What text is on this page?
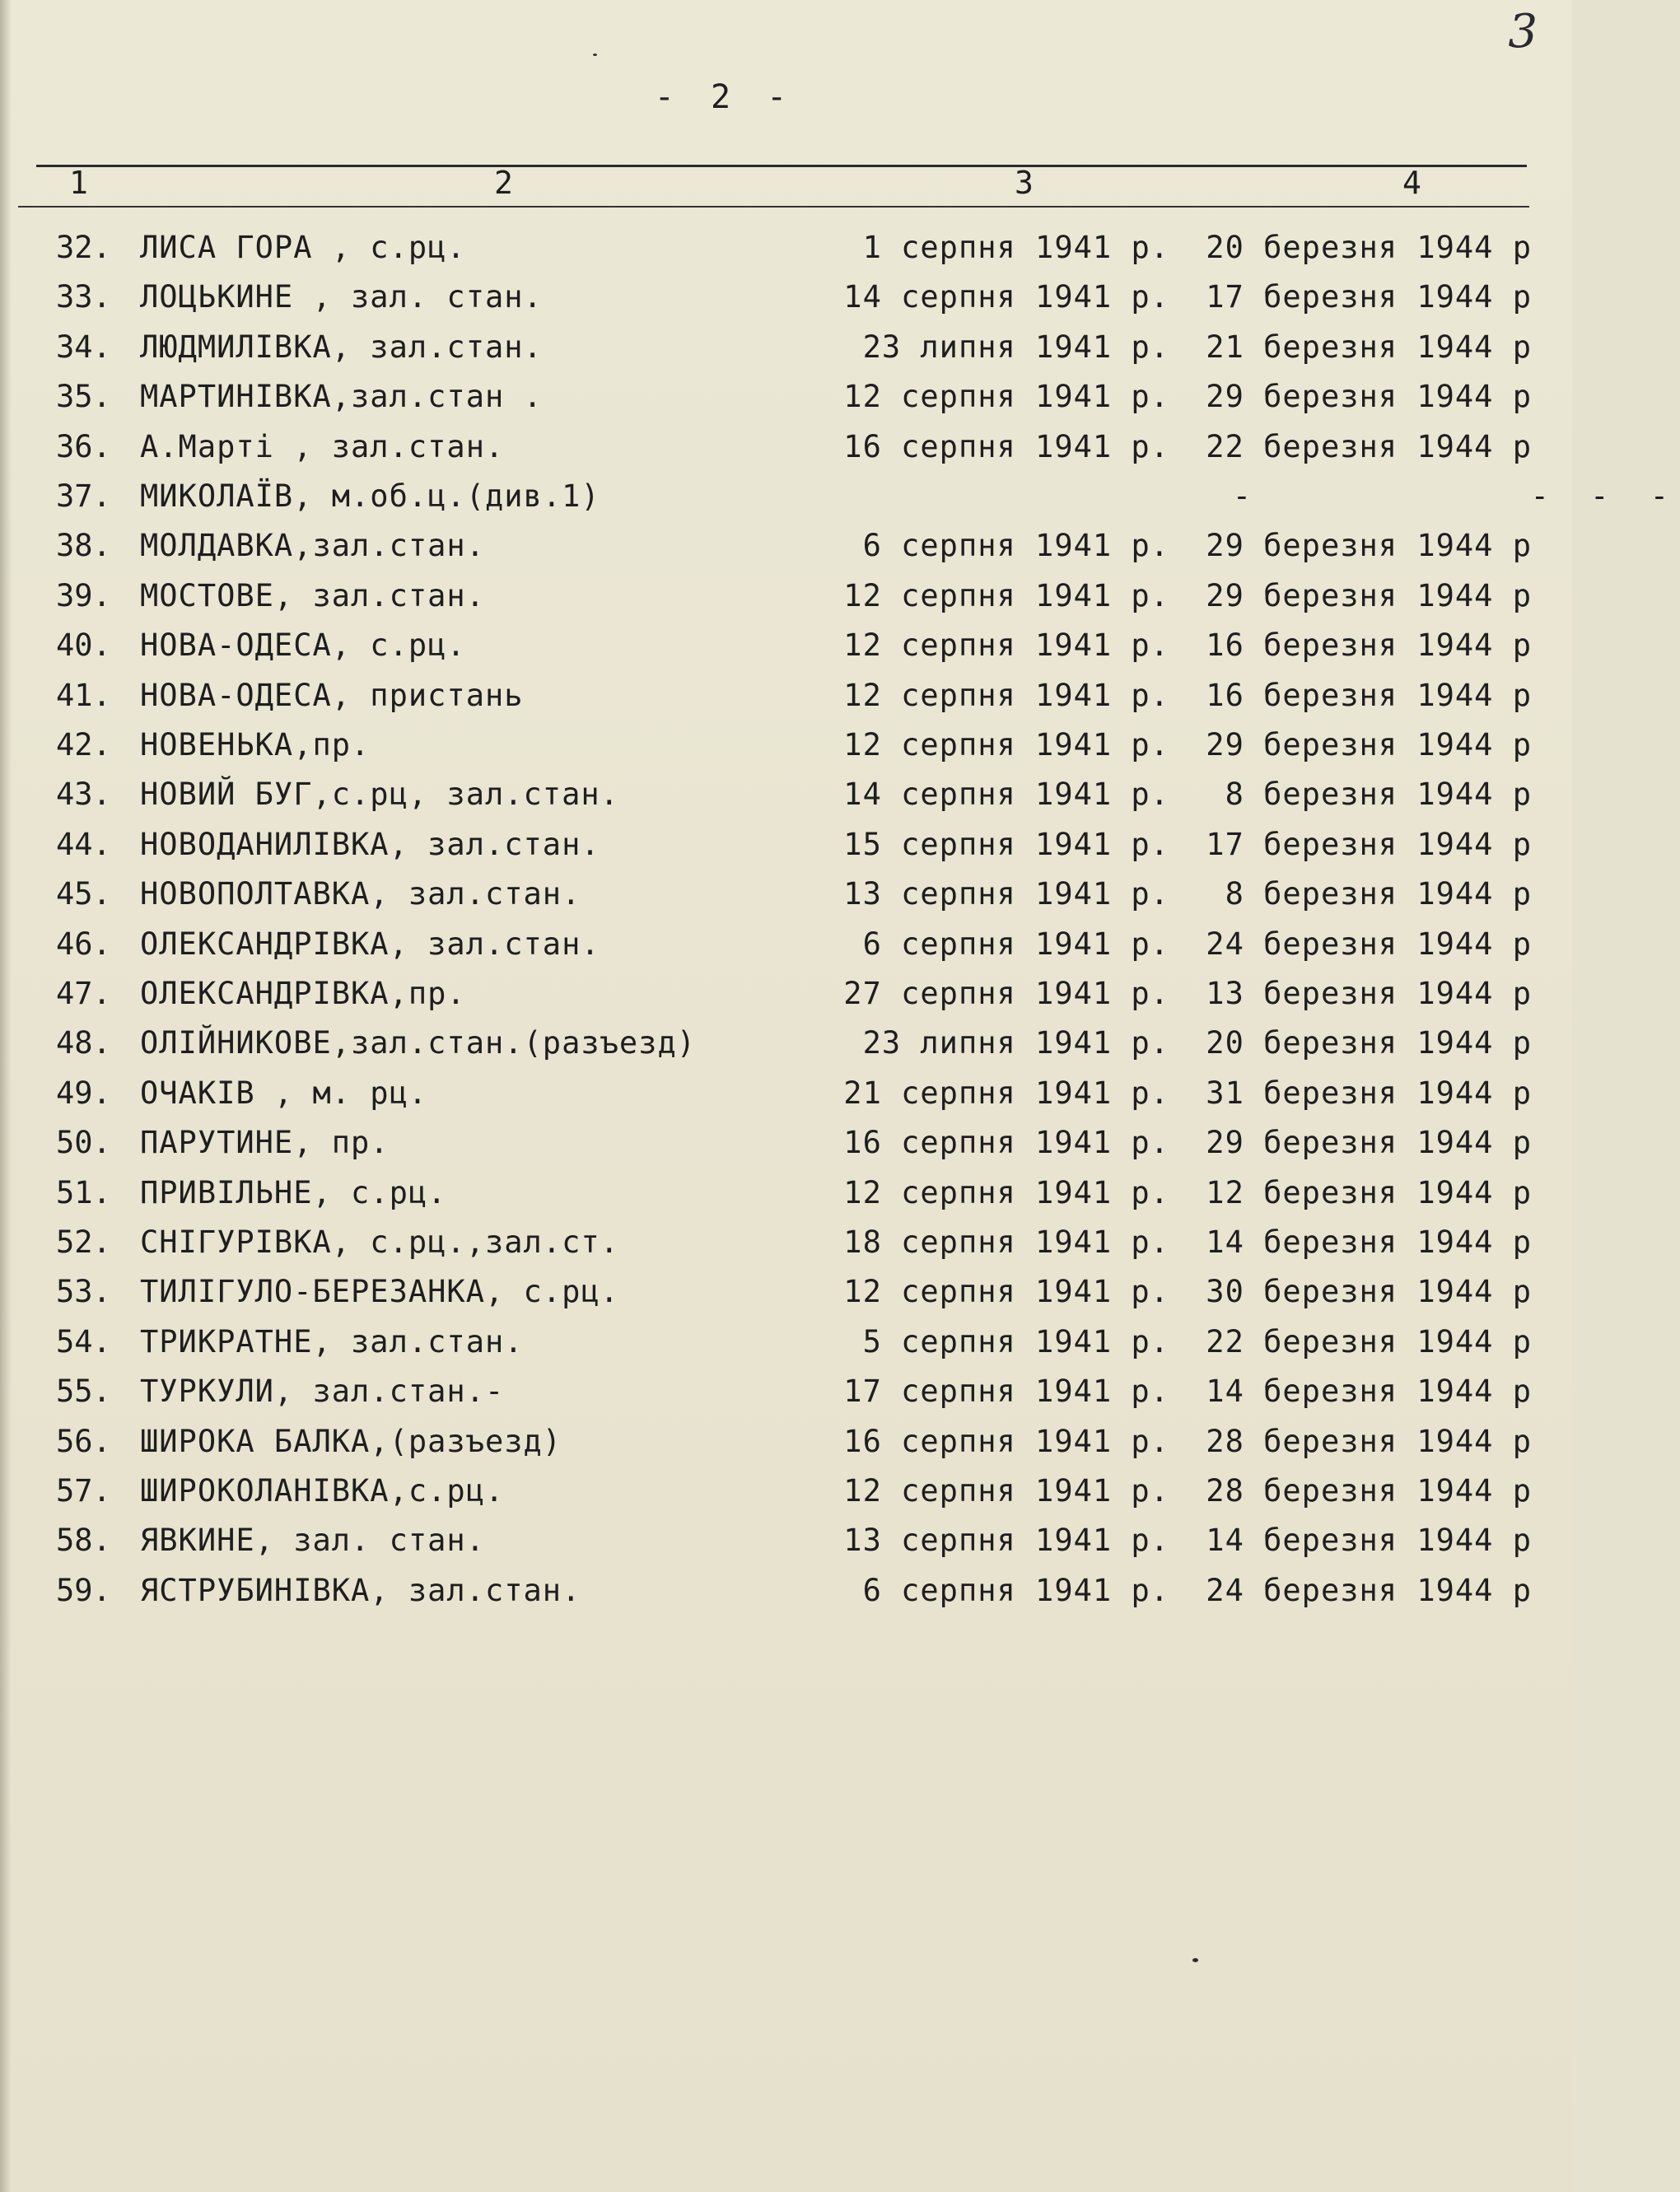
3
- 2 -
1	2	3	4
32. ЛИСА ГОРА , с.рц.	1 серпня 1941 р.	20 березня 1944 р
33. ЛОЦЬКИНЕ , зал. стан.	14 серпня 1941 р.	17 березня 1944 р
34. ЛЮДМИЛІВКА, зал.стан.	23 липня 1941 р.	21 березня 1944 р
35. МАРТИНІВКА,зал.стан .	12 серпня 1941 р.	29 березня 1944 р
36. А.Марті , зал.стан.	16 серпня 1941 р.	22 березня 1944 р
37. МИКОЛАЇВ, м.об.ц.(див.1)	-	- - -
38. МОЛДАВКА,зал.стан.	6 серпня 1941 р.	29 березня 1944 р
39. МОСТОВЕ, зал.стан.	12 серпня 1941 р.	29 березня 1944 р
40. НОВА-ОДЕСА, с.рц.	12 серпня 1941 р.	16 березня 1944 р
41. НОВА-ОДЕСА, пристань	12 серпня 1941 р.	16 березня 1944 р
42. НОВЕНЬКА,пр.	12 серпня 1941 р.	29 березня 1944 р
43. НОВИЙ БУГ,с.рц, зал.стан.	14 серпня 1941 р.	8 березня 1944 р
44. НОВОДАНИЛІВКА, зал.стан.	15 серпня 1941 р.	17 березня 1944 р
45. НОВОПОЛТАВКА, зал.стан.	13 серпня 1941 р.	8 березня 1944 р
46. ОЛЕКСАНДРІВКА, зал.стан.	6 серпня 1941 р.	24 березня 1944 р
47. ОЛЕКСАНДРІВКА,пр.	27 серпня 1941 р.	13 березня 1944 р
48. ОЛІЙНИКОВЕ,зал.стан.(разъезд)	23 липня 1941 р.	20 березня 1944 р
49. ОЧАКІВ , м. рц.	21 серпня 1941 р.	31 березня 1944 р
50. ПАРУТИНЕ, пр.	16 серпня 1941 р.	29 березня 1944 р
51. ПРИВІЛЬНЕ, с.рц.	12 серпня 1941 р.	12 березня 1944 р
52. СНІГУРІВКА, с.рц.,зал.ст.	18 серпня 1941 р.	14 березня 1944 р
53. ТИЛІГУЛО-БЕРЕЗАНКА, с.рц.	12 серпня 1941 р.	30 березня 1944 р
54. ТРИКРАТНЕ, зал.стан.	5 серпня 1941 р.	22 березня 1944 р
55. ТУРКУЛИ, зал.стан.-	17 серпня 1941 р.	14 березня 1944 р
56. ШИРОКА БАЛКА,(разъезд)	16 серпня 1941 р.	28 березня 1944 р
57. ШИРОКОЛАНІВКА,с.рц.	12 серпня 1941 р.	28 березня 1944 р
58. ЯВКИНЕ, зал. стан.	13 серпня 1941 р.	14 березня 1944 р
59. ЯСТРУБИНІВКА, зал.стан.	6 серпня 1941 р.	24 березня 1944 р
